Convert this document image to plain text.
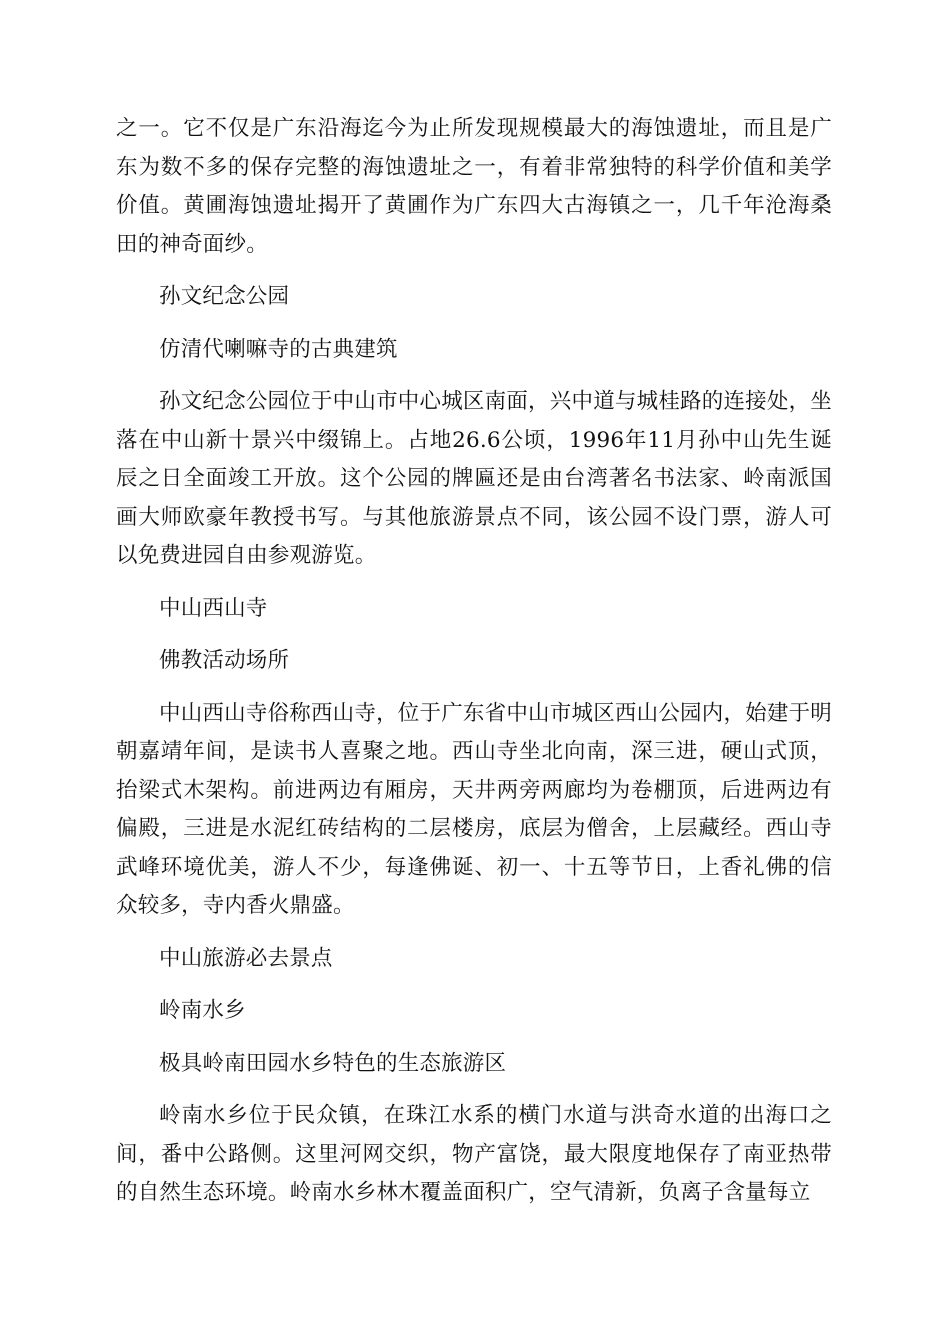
之一。它不仅是广东沿海迄今为止所发现规模最大的海蚀遗址，而且是广东为数不多的保存完整的海蚀遗址之一，有着非常独特的科学价值和美学价值。黄圃海蚀遗址揭开了黄圃作为广东四大古海镇之一，几千年沧海桑田的神奇面纱。

孙文纪念公园

仿清代喇嘛寺的古典建筑

孙文纪念公园位于中山市中心城区南面，兴中道与城桂路的连接处，坐落在中山新十景兴中缀锦上。占地26.6公顷，1996年11月孙中山先生诞辰之日全面竣工开放。这个公园的牌匾还是由台湾著名书法家、岭南派国画大师欧豪年教授书写。与其他旅游景点不同，该公园不设门票，游人可以免费进园自由参观游览。

中山西山寺

佛教活动场所

中山西山寺俗称西山寺，位于广东省中山市城区西山公园内，始建于明朝嘉靖年间，是读书人喜聚之地。西山寺坐北向南，深三进，硬山式顶，抬梁式木架构。前进两边有厢房，天井两旁两廊均为卷棚顶，后进两边有偏殿，三进是水泥红砖结构的二层楼房，底层为僧舍，上层藏经。西山寺武峰环境优美，游人不少，每逢佛诞、初一、十五等节日，上香礼佛的信众较多，寺内香火鼎盛。

中山旅游必去景点

岭南水乡

极具岭南田园水乡特色的生态旅游区

岭南水乡位于民众镇，在珠江水系的横门水道与洪奇水道的出海口之间，番中公路侧。这里河网交织，物产富饶，最大限度地保存了南亚热带的自然生态环境。岭南水乡林木覆盖面积广，空气清新，负离子含量每立
